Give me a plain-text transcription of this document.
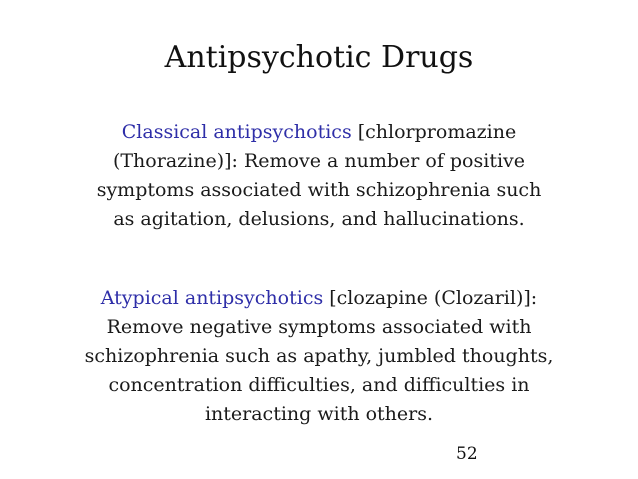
Antipsychotic Drugs
Classical antipsychotics [chlorpromazine
(Thorazine)]: Remove a number of positive
symptoms associated with schizophrenia such
as agitation, delusions, and hallucinations.
Atypical antipsychotics [clozapine (Clozaril)]:
Remove negative symptoms associated with
schizophrenia such as apathy, jumbled thoughts,
concentration difficulties, and difficulties in
interacting with others.
52
